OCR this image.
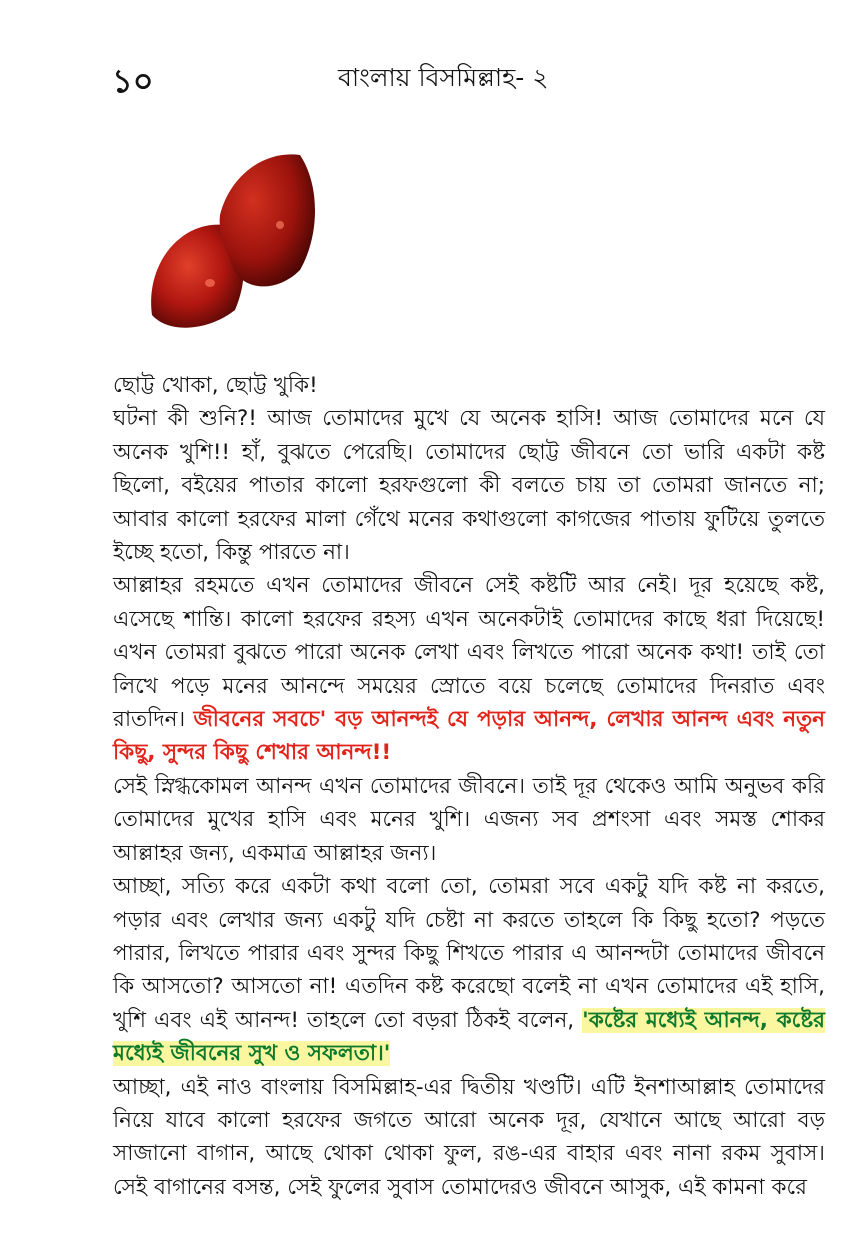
১০	বাংলায় বিসমিল্লাহ- ২

ছোট্ট খোকা, ছোট্ট খুকি!

ঘটনা কী শুনি?! আজ তোমাদের মুখে যে অনেক হাসি! আজ তোমাদের মনে যে অনেক খুশি!! হাঁ, বুঝতে পেরেছি। তোমাদের ছোট্ট জীবনে তো ভারি একটা কষ্ট ছিলো, বইয়ের পাতার কালো হরফগুলো কী বলতে চায় তা তোমরা জানতে না; আবার কালো হরফের মালা গেঁথে মনের কথাগুলো কাগজের পাতায় ফুটিয়ে তুলতে ইচ্ছে হতো, কিন্তু পারতে না।

আল্লাহর রহমতে এখন তোমাদের জীবনে সেই কষ্টটি আর নেই। দূর হয়েছে কষ্ট, এসেছে শান্তি। কালো হরফের রহস্য এখন অনেকটাই তোমাদের কাছে ধরা দিয়েছে! এখন তোমরা বুঝতে পারো অনেক লেখা এবং লিখতে পারো অনেক কথা! তাই তো লিখে পড়ে মনের আনন্দে সময়ের স্রোতে বয়ে চলেছে তোমাদের দিনরাত এবং রাতদিন। জীবনের সবচে' বড় আনন্দই যে পড়ার আনন্দ, লেখার আনন্দ এবং নতুন কিছু, সুন্দর কিছু শেখার আনন্দ!!

সেই স্নিগ্ধকোমল আনন্দ এখন তোমাদের জীবনে। তাই দূর থেকেও আমি অনুভব করি তোমাদের মুখের হাসি এবং মনের খুশি। এজন্য সব প্রশংসা এবং সমস্ত শোকর আল্লাহর জন্য, একমাত্র আল্লাহর জন্য।

আচ্ছা, সত্যি করে একটা কথা বলো তো, তোমরা সবে একটু যদি কষ্ট না করতে, পড়ার এবং লেখার জন্য একটু যদি চেষ্টা না করতে তাহলে কি কিছু হতো? পড়তে পারার, লিখতে পারার এবং সুন্দর কিছু শিখতে পারার এ আনন্দটা তোমাদের জীবনে কি আসতো? আসতো না! এতদিন কষ্ট করেছো বলেই না এখন তোমাদের এই হাসি, খুশি এবং এই আনন্দ! তাহলে তো বড়রা ঠিকই বলেন, 'কষ্টের মধ্যেই আনন্দ, কষ্টের মধ্যেই জীবনের সুখ ও সফলতা।'

আচ্ছা, এই নাও বাংলায় বিসমিল্লাহ-এর দ্বিতীয় খণ্ডটি। এটি ইনশাআল্লাহ তোমাদের নিয়ে যাবে কালো হরফের জগতে আরো অনেক দূর, যেখানে আছে আরো বড় সাজানো বাগান, আছে থোকা থোকা ফুল, রঙ-এর বাহার এবং নানা রকম সুবাস। সেই বাগানের বসন্ত, সেই ফুলের সুবাস তোমাদেরও জীবনে আসুক, এই কামনা করে
